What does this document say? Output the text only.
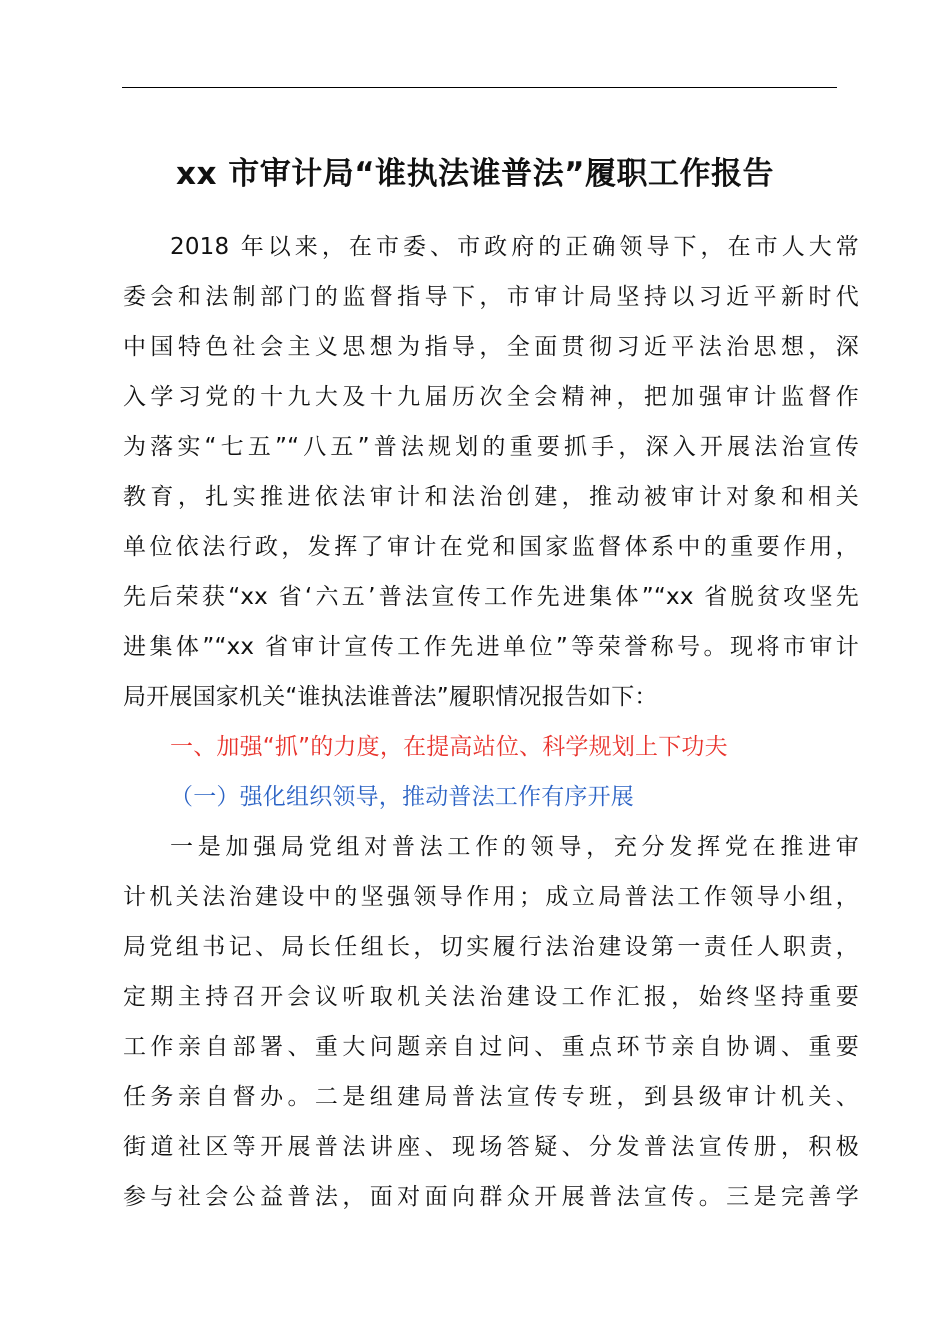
xx 市审计局“谁执法谁普法”履职工作报告
2018 年以来，在市委、市政府的正确领导下，在市人大常
委会和法制部门的监督指导下，市审计局坚持以习近平新时代
中国特色社会主义思想为指导，全面贯彻习近平法治思想，深
入学习党的十九大及十九届历次全会精神，把加强审计监督作
为落实“七五”“八五”普法规划的重要抓手，深入开展法治宣传
教育，扎实推进依法审计和法治创建，推动被审计对象和相关
单位依法行政，发挥了审计在党和国家监督体系中的重要作用，
先后荣获“xx 省‘六五’普法宣传工作先进集体”“xx 省脱贫攻坚先
进集体”“xx 省审计宣传工作先进单位”等荣誉称号。现将市审计
局开展国家机关“谁执法谁普法”履职情况报告如下：
一、加强“抓”的力度，在提高站位、科学规划上下功夫
（一）强化组织领导，推动普法工作有序开展
一是加强局党组对普法工作的领导，充分发挥党在推进审
计机关法治建设中的坚强领导作用；成立局普法工作领导小组，
局党组书记、局长任组长，切实履行法治建设第一责任人职责，
定期主持召开会议听取机关法治建设工作汇报，始终坚持重要
工作亲自部署、重大问题亲自过问、重点环节亲自协调、重要
任务亲自督办。二是组建局普法宣传专班，到县级审计机关、
街道社区等开展普法讲座、现场答疑、分发普法宣传册，积极
参与社会公益普法，面对面向群众开展普法宣传。三是完善学
